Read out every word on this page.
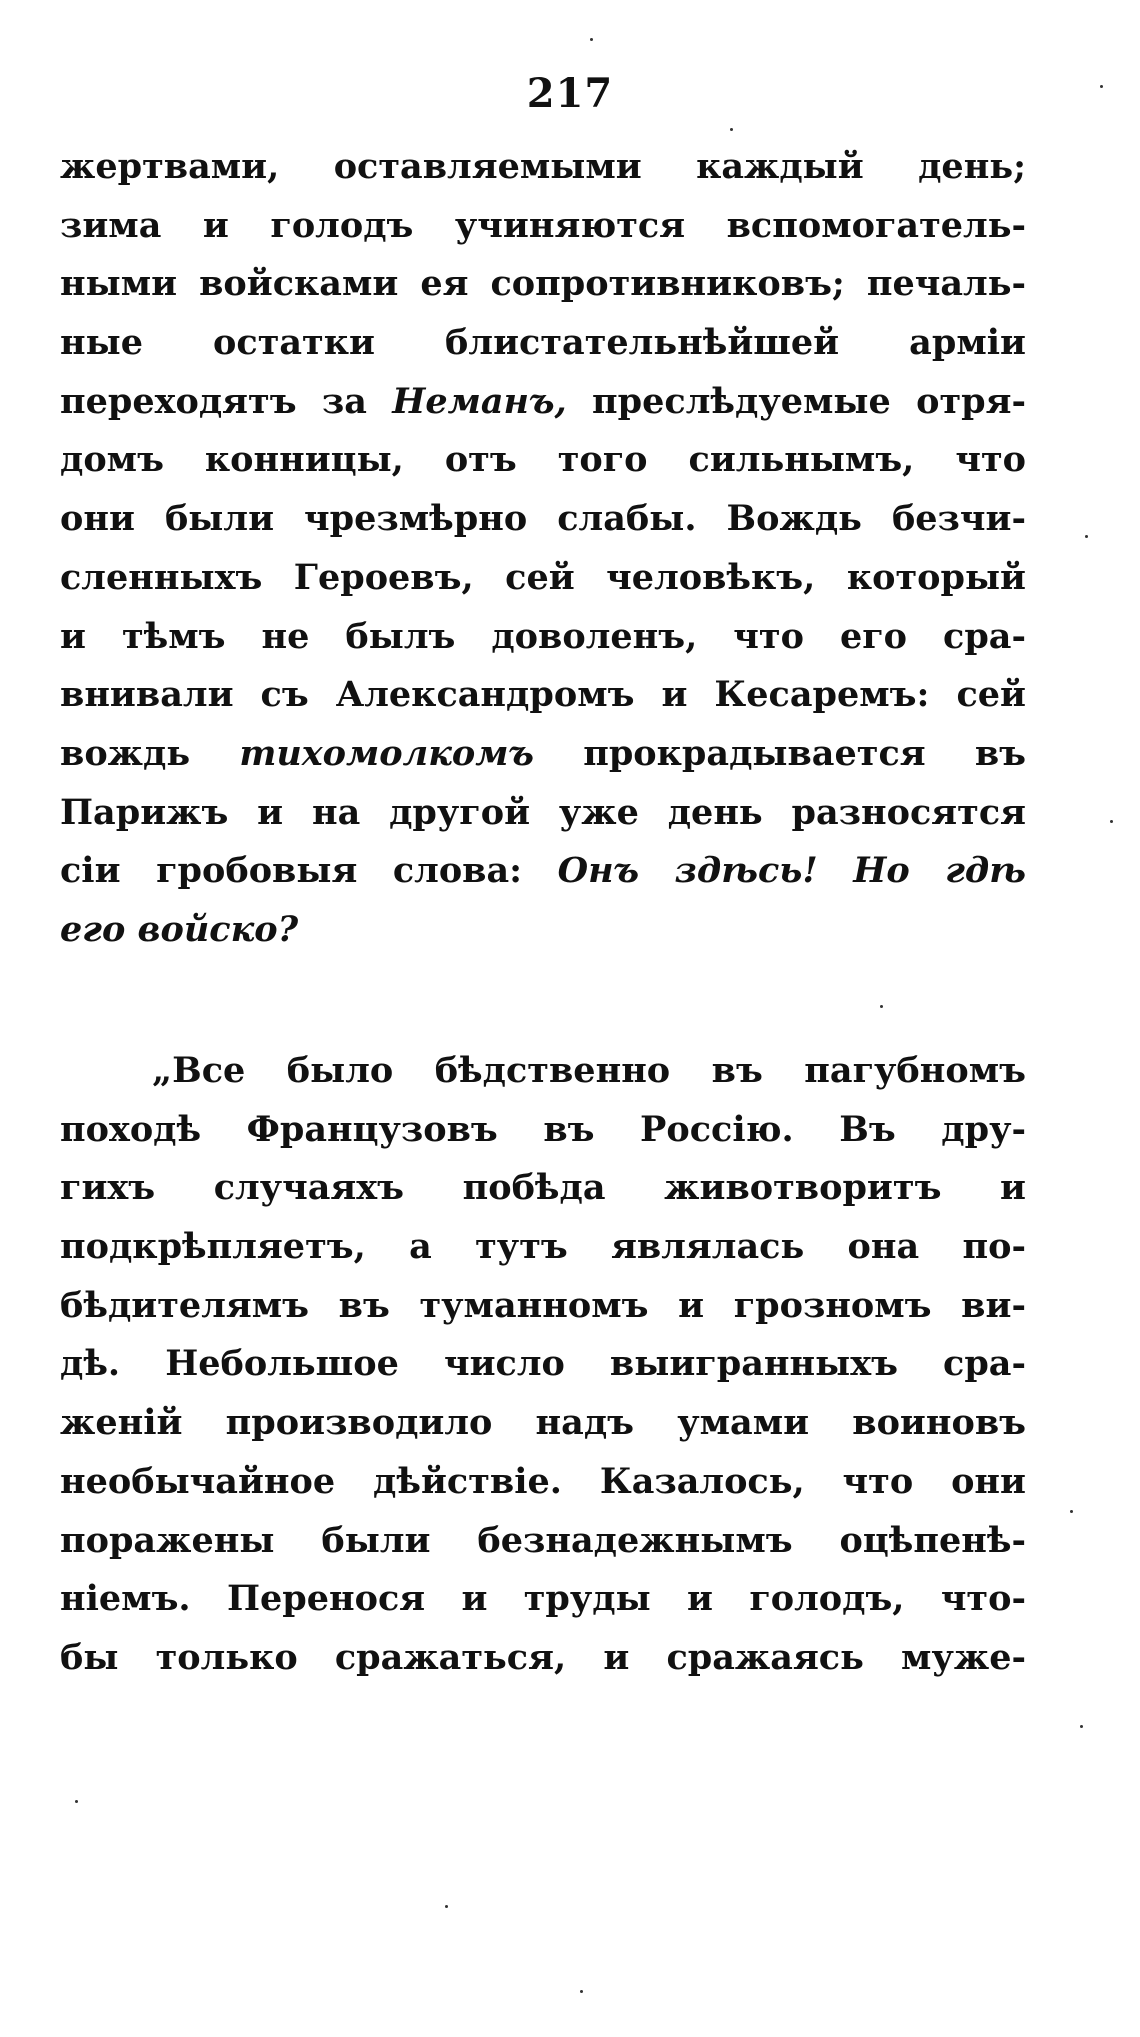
217
жертвами, оставляемыми каждый день;
зима и голодъ учиняются вспомогатель-
ными войсками ея сопротивниковъ; печаль-
ные остатки блистательнѣйшей арміи
переходятъ за Неманъ, преслѣдуемые отря-
домъ конницы, отъ того сильнымъ, что
они были чрезмѣрно слабы. Вождь безчи-
сленныхъ Героевъ, сей человѣкъ, который
и тѣмъ не былъ доволенъ, что его сра-
внивали съ Александромъ и Кесаремъ: сей
вождь тихомолкомъ прокрадывается въ
Парижъ и на другой уже день разносятся
сіи гробовыя слова: Онъ здѣсь! Но гдѣ
его войско?
„Все было бѣдственно въ пагубномъ
походѣ Французовъ въ Россію. Въ дру-
гихъ случаяхъ побѣда животворитъ и
подкрѣпляетъ, а тутъ являлась она по-
бѣдителямъ въ туманномъ и грозномъ ви-
дѣ. Небольшое число выигранныхъ сра-
женій производило надъ умами воиновъ
необычайное дѣйствіе. Казалось, что они
поражены были безнадежнымъ оцѣпенѣ-
ніемъ. Перенося и труды и голодъ, что-
бы только сражаться, и сражаясь муже-
